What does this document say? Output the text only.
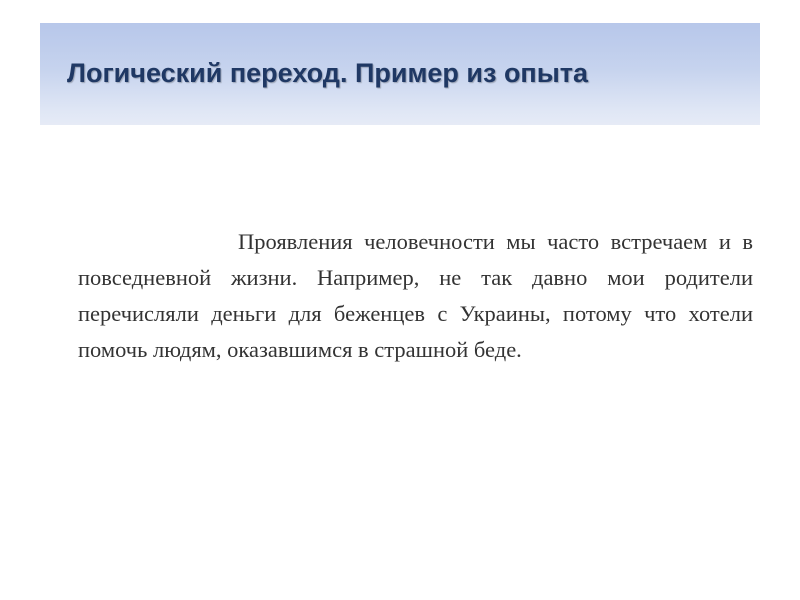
Логический переход. Пример из опыта

Проявления человечности мы часто встречаем и в повседневной жизни. Например, не так давно мои родители перечисляли деньги для беженцев с Украины, потому что хотели помочь людям, оказавшимся в страшной беде.
